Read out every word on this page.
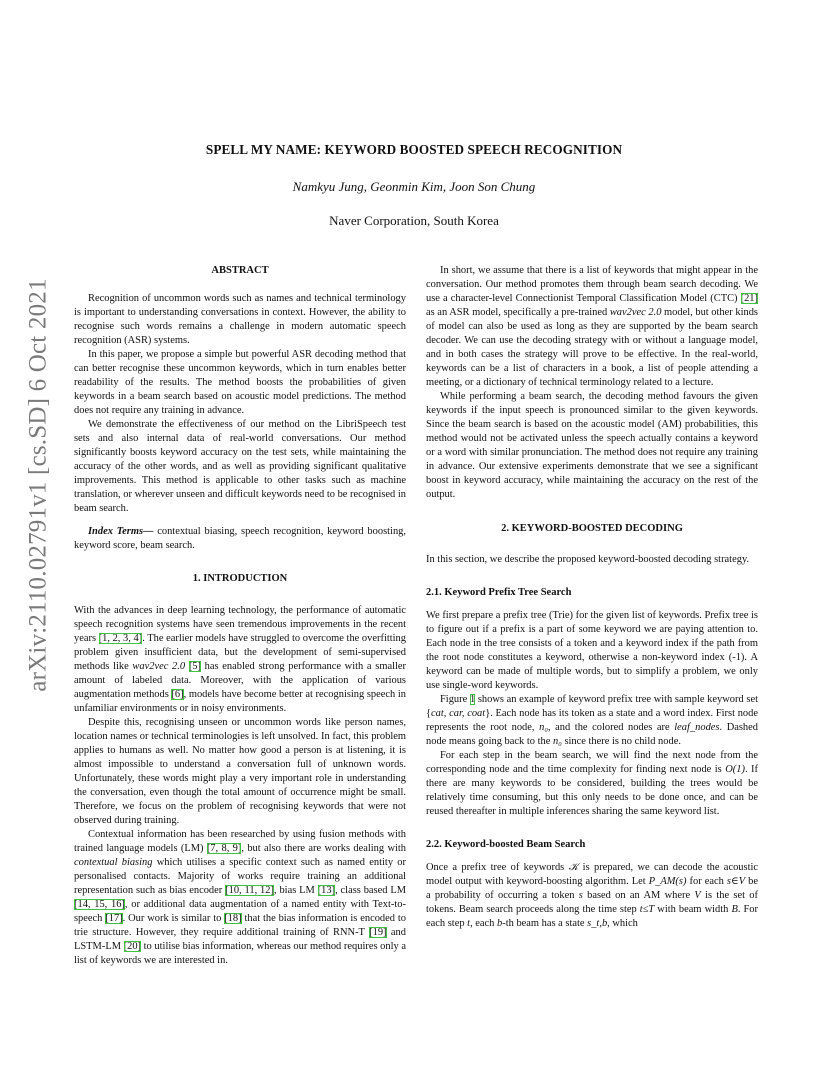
arXiv:2110.02791v1 [cs.SD] 6 Oct 2021
SPELL MY NAME: KEYWORD BOOSTED SPEECH RECOGNITION
Namkyu Jung, Geonmin Kim, Joon Son Chung
Naver Corporation, South Korea
ABSTRACT

Recognition of uncommon words such as names and technical terminology is important to understanding conversations in context. However, the ability to recognise such words remains a challenge in modern automatic speech recognition (ASR) systems.

In this paper, we propose a simple but powerful ASR decoding method that can better recognise these uncommon keywords, which in turn enables better readability of the results. The method boosts the probabilities of given keywords in a beam search based on acoustic model predictions. The method does not require any training in advance.

We demonstrate the effectiveness of our method on the LibriSpeech test sets and also internal data of real-world conversations. Our method significantly boosts keyword accuracy on the test sets, while maintaining the accuracy of the other words, and as well as providing significant qualitative improvements. This method is applicable to other tasks such as machine translation, or wherever unseen and difficult keywords need to be recognised in beam search.

Index Terms— contextual biasing, speech recognition, keyword boosting, keyword score, beam search.

1. INTRODUCTION

With the advances in deep learning technology, the performance of automatic speech recognition systems have seen tremendous improvements in the recent years [1, 2, 3, 4]. The earlier models have struggled to overcome the overfitting problem given insufficient data, but the development of semi-supervised methods like wav2vec 2.0 [5] has enabled strong performance with a smaller amount of labeled data. Moreover, with the application of various augmentation methods [6], models have become better at recognising speech in unfamiliar environments or in noisy environments.

Despite this, recognising unseen or uncommon words like person names, location names or technical terminologies is left unsolved. In fact, this problem applies to humans as well. No matter how good a person is at listening, it is almost impossible to understand a conversation full of unknown words. Unfortunately, these words might play a very important role in understanding the conversation, even though the total amount of occurrence might be small. Therefore, we focus on the problem of recognising keywords that were not observed during training.

Contextual information has been researched by using fusion methods with trained language models (LM) [7, 8, 9], but also there are works dealing with contextual biasing which utilises a specific context such as named entity or personalised contacts. Majority of works require training an additional representation such as bias encoder [10, 11, 12], bias LM [13], class based LM [14, 15, 16], or additional data augmentation of a named entity with Text-to-speech [17]. Our work is similar to [18] that the bias information is encoded to trie structure. However, they require additional training of RNN-T [19] and LSTM-LM [20] to utilise bias information, whereas our method requires only a list of keywords we are interested in.

In short, we assume that there is a list of keywords that might appear in the conversation. Our method promotes them through beam search decoding. We use a character-level Connectionist Temporal Classification Model (CTC) [21] as an ASR model, specifically a pre-trained wav2vec 2.0 model, but other kinds of model can also be used as long as they are supported by the beam search decoder. We can use the decoding strategy with or without a language model, and in both cases the strategy will prove to be effective. In the real-world, keywords can be a list of characters in a book, a list of people attending a meeting, or a dictionary of technical terminology related to a lecture.

While performing a beam search, the decoding method favours the given keywords if the input speech is pronounced similar to the given keywords. Since the beam search is based on the acoustic model (AM) probabilities, this method would not be activated unless the speech actually contains a keyword or a word with similar pronunciation. The method does not require any training in advance. Our extensive experiments demonstrate that we see a significant boost in keyword accuracy, while maintaining the accuracy on the rest of the output.

2. KEYWORD-BOOSTED DECODING

In this section, we describe the proposed keyword-boosted decoding strategy.

2.1. Keyword Prefix Tree Search

We first prepare a prefix tree (Trie) for the given list of keywords. Prefix tree is to figure out if a prefix is a part of some keyword we are paying attention to. Each node in the tree consists of a token and a keyword index if the path from the root node constitutes a keyword, otherwise a non-keyword index (-1). A keyword can be made of multiple words, but to simplify a problem, we only use single-word keywords.

Figure 1 shows an example of keyword prefix tree with sample keyword set {cat, car, coat}. Each node has its token as a state and a word index. First node represents the root node, n₀, and the colored nodes are leaf_nodes. Dashed node means going back to the n₀ since there is no child node.

For each step in the beam search, we will find the next node from the corresponding node and the time complexity for finding next node is O(1). If there are many keywords to be considered, building the trees would be relatively time consuming, but this only needs to be done once, and can be reused thereafter in multiple inferences sharing the same keyword list.

2.2. Keyword-boosted Beam Search

Once a prefix tree of keywords 𝒦 is prepared, we can decode the acoustic model output with keyword-boosting algorithm. Let P_AM(s) for each s∈V be a probability of occurring a token s based on an AM where V is the set of tokens. Beam search proceeds along the time step t≤T with beam width B. For each step t, each b-th beam has a state s_t,b, which
